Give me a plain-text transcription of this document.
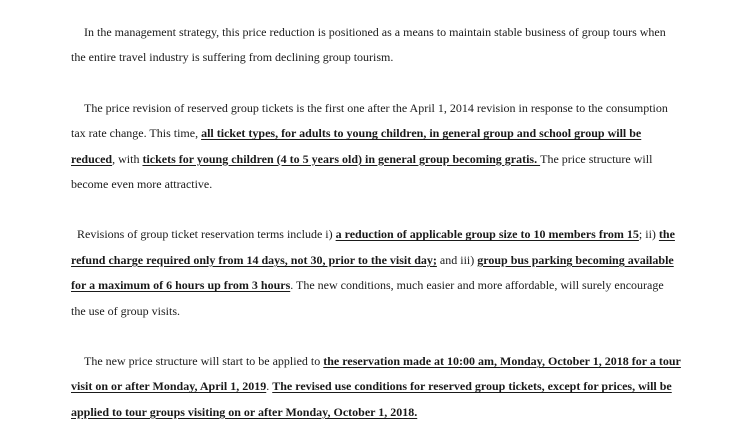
In the management strategy, this price reduction is positioned as a means to maintain stable business of group tours when the entire travel industry is suffering from declining group tourism.

The price revision of reserved group tickets is the first one after the April 1, 2014 revision in response to the consumption tax rate change. This time, all ticket types, for adults to young children, in general group and school group will be reduced, with tickets for young children (4 to 5 years old) in general group becoming gratis. The price structure will become even more attractive.

Revisions of group ticket reservation terms include i) a reduction of applicable group size to 10 members from 15; ii) the refund charge required only from 14 days, not 30, prior to the visit day; and iii) group bus parking becoming available for a maximum of 6 hours up from 3 hours. The new conditions, much easier and more affordable, will surely encourage the use of group visits.

The new price structure will start to be applied to the reservation made at 10:00 am, Monday, October 1, 2018 for a tour visit on or after Monday, April 1, 2019. The revised use conditions for reserved group tickets, except for prices, will be applied to tour groups visiting on or after Monday, October 1, 2018.
